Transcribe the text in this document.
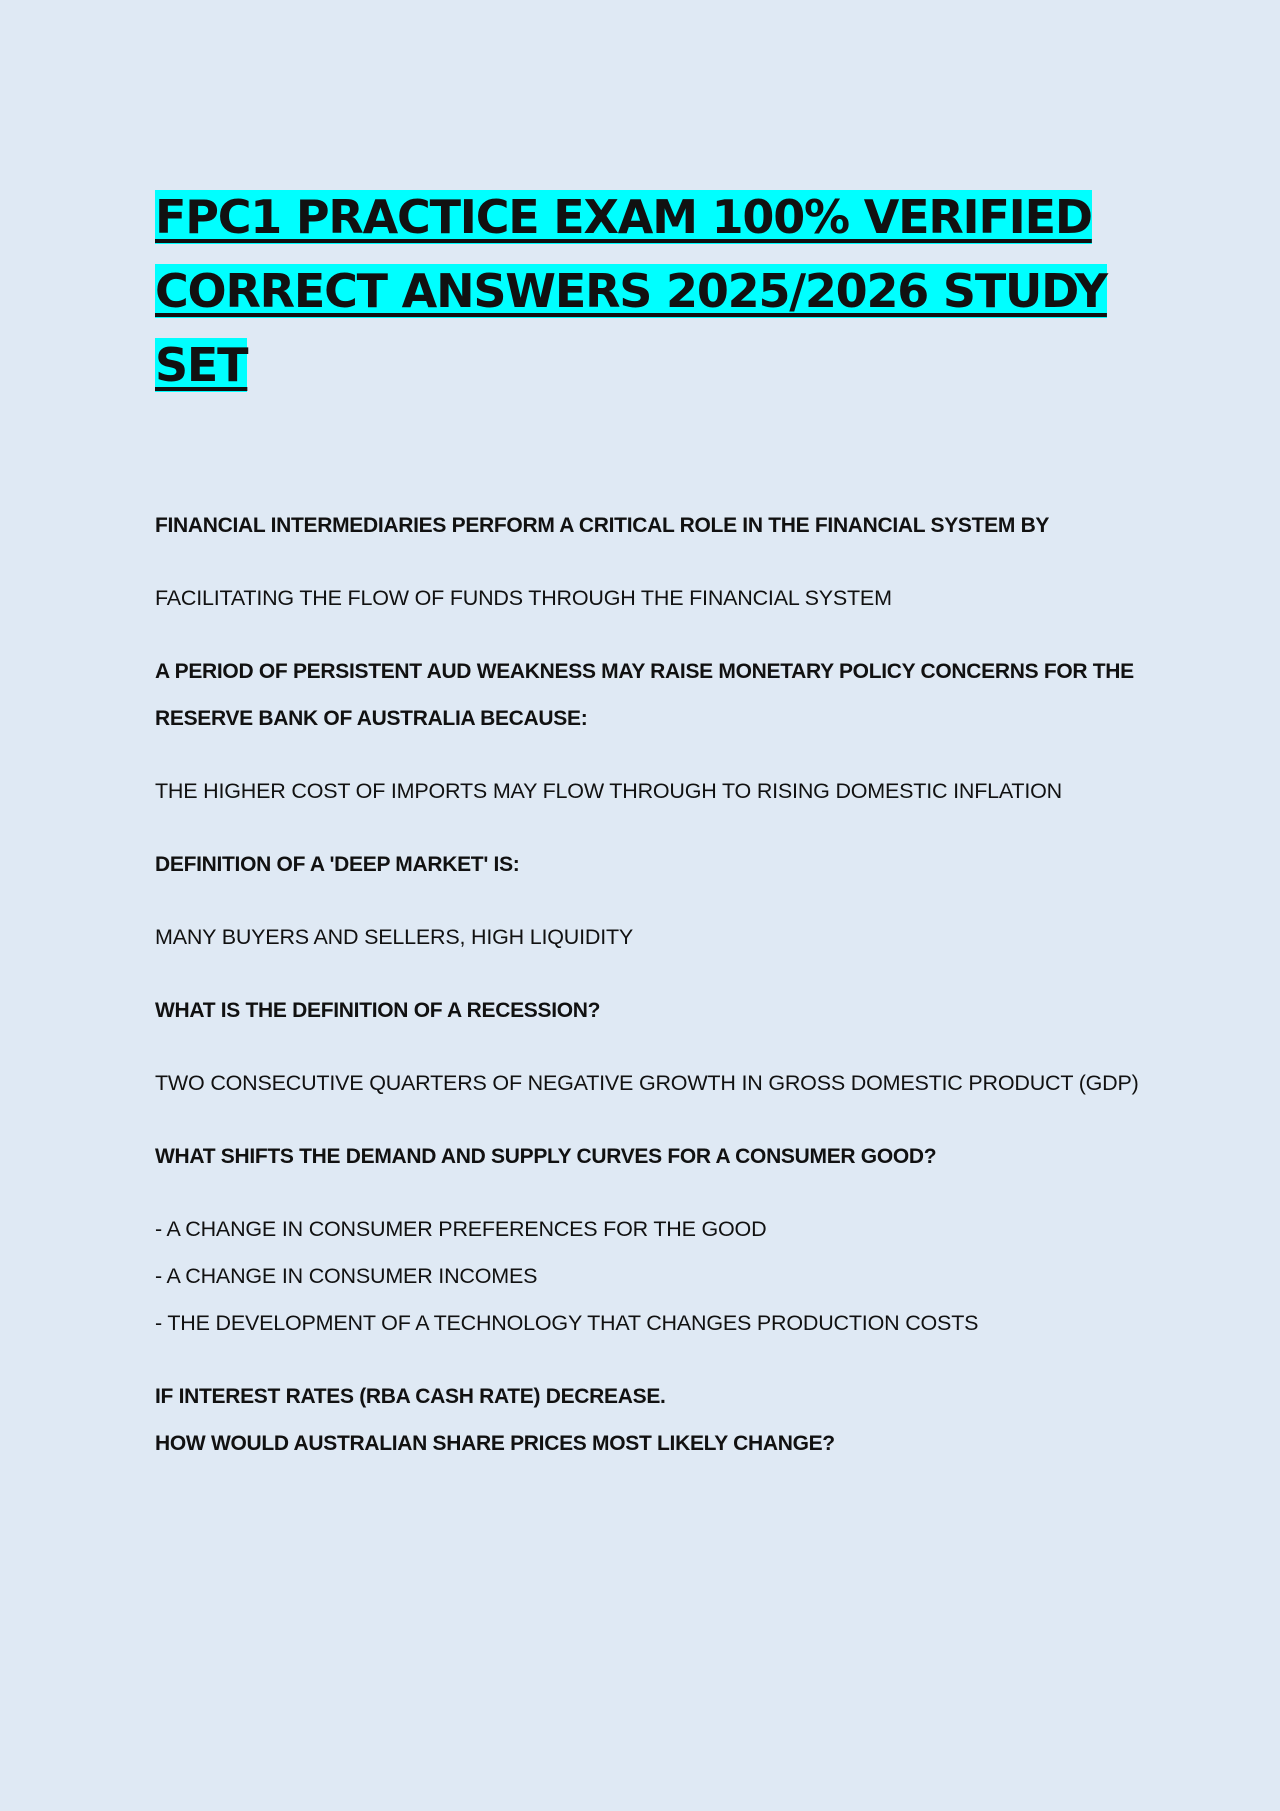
FPC1 PRACTICE EXAM 100% VERIFIED CORRECT ANSWERS 2025/2026 STUDY SET

FINANCIAL INTERMEDIARIES PERFORM A CRITICAL ROLE IN THE FINANCIAL SYSTEM BY

FACILITATING THE FLOW OF FUNDS THROUGH THE FINANCIAL SYSTEM

A PERIOD OF PERSISTENT AUD WEAKNESS MAY RAISE MONETARY POLICY CONCERNS FOR THE RESERVE BANK OF AUSTRALIA BECAUSE:

THE HIGHER COST OF IMPORTS MAY FLOW THROUGH TO RISING DOMESTIC INFLATION

DEFINITION OF A 'DEEP MARKET' IS:

MANY BUYERS AND SELLERS, HIGH LIQUIDITY

WHAT IS THE DEFINITION OF A RECESSION?

TWO CONSECUTIVE QUARTERS OF NEGATIVE GROWTH IN GROSS DOMESTIC PRODUCT (GDP)

WHAT SHIFTS THE DEMAND AND SUPPLY CURVES FOR A CONSUMER GOOD?

- A CHANGE IN CONSUMER PREFERENCES FOR THE GOOD
- A CHANGE IN CONSUMER INCOMES
- THE DEVELOPMENT OF A TECHNOLOGY THAT CHANGES PRODUCTION COSTS

IF INTEREST RATES (RBA CASH RATE) DECREASE.
HOW WOULD AUSTRALIAN SHARE PRICES MOST LIKELY CHANGE?
